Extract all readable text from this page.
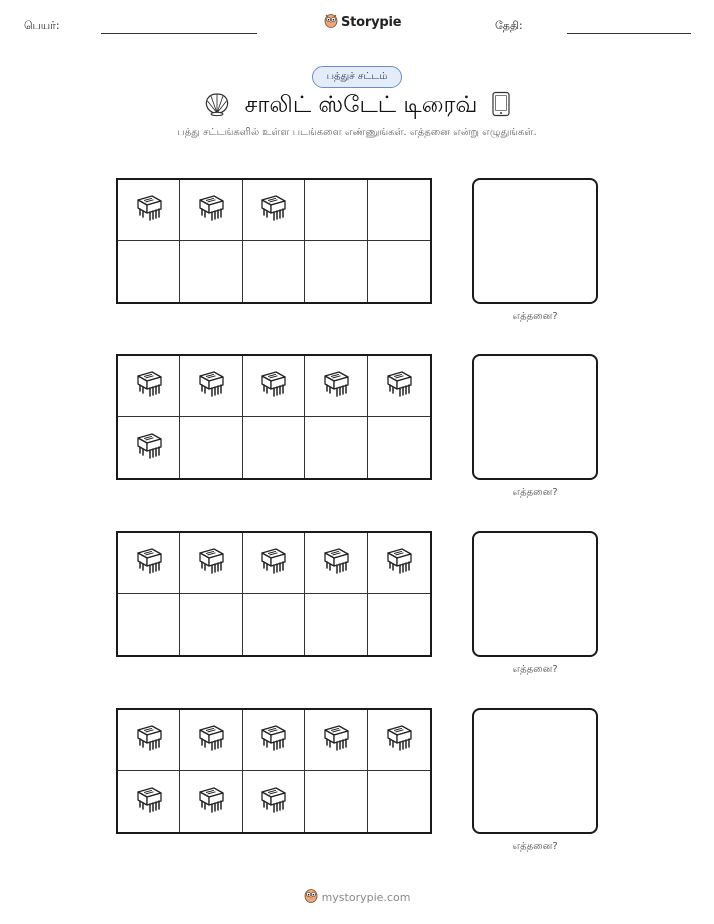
பெயர்:	Storypie	தேதி:
பத்துச் சட்டம்
சாலிட் ஸ்டேட் டிரைவ்
பத்து சட்டங்களில் உள்ள படங்களை எண்ணுங்கள். எத்தனை என்று எழுதுங்கள்.
எத்தனை?
எத்தனை?
எத்தனை?
எத்தனை?
mystorypie.com
